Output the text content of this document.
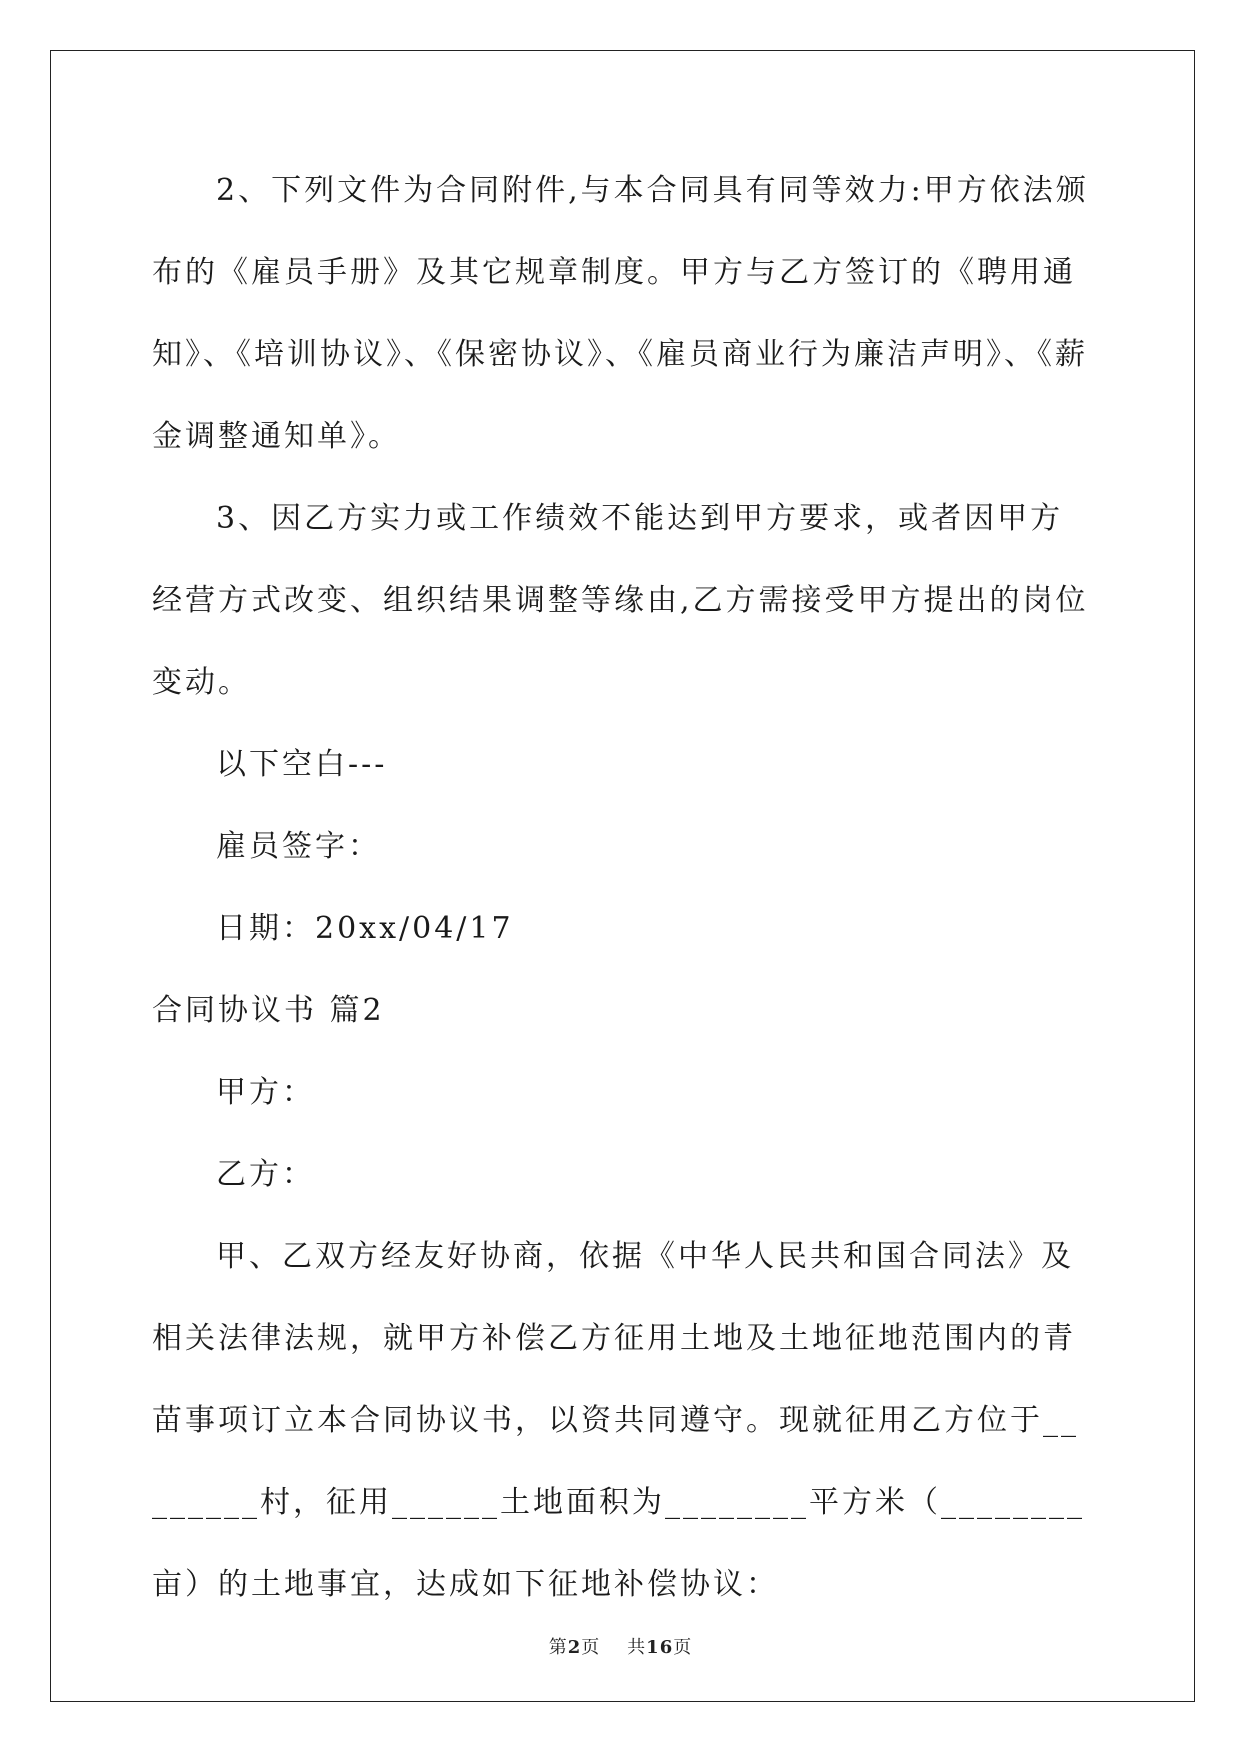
2、下列文件为合同附件,与本合同具有同等效力:甲方依法颁布的《雇员手册》及其它规章制度。甲方与乙方签订的《聘用通知》、《培训协议》、《保密协议》、《雇员商业行为廉洁声明》、《薪金调整通知单》。

3、因乙方实力或工作绩效不能达到甲方要求，或者因甲方经营方式改变、组织结果调整等缘由,乙方需接受甲方提出的岗位变动。

以下空白---

雇员签字：

日期：20xx/04/17

合同协议书 篇2

甲方：

乙方：

甲、乙双方经友好协商，依据《中华人民共和国合同法》及相关法律法规，就甲方补偿乙方征用土地及土地征地范围内的青苗事项订立本合同协议书，以资共同遵守。现就征用乙方位于________村，征用______土地面积为________平方米（________亩）的土地事宜，达成如下征地补偿协议：

第2页 共16页
